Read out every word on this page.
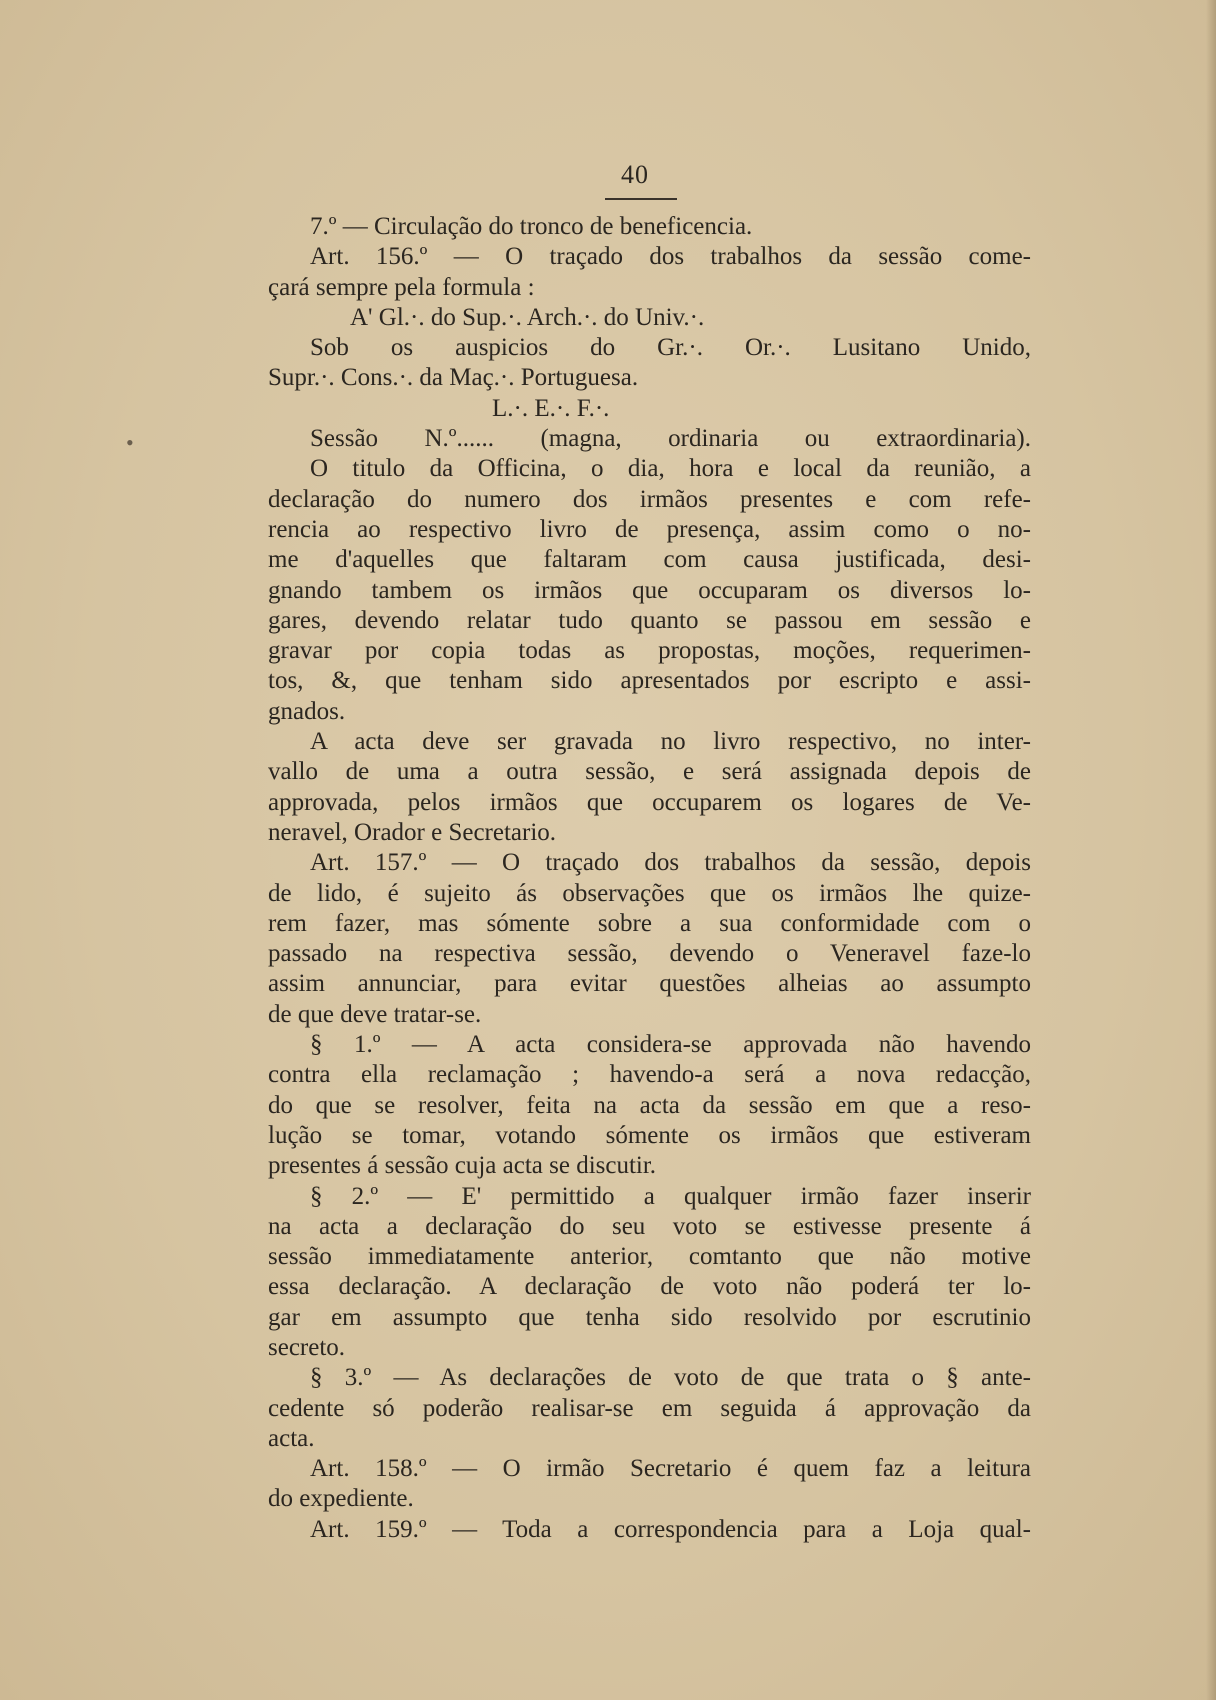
40
7.º — Circulação do tronco de beneficencia.
Art. 156.º — O traçado dos trabalhos da sessão come-
çará sempre pela formula :
A' Gl.·. do Sup.·. Arch.·. do Univ.·.
Sob os auspicios do Gr.·. Or.·. Lusitano Unido,
Supr.·. Cons.·. da Maç.·. Portuguesa.
L.·. E.·. F.·.
Sessão N.º...... (magna, ordinaria ou extraordinaria).
O titulo da Officina, o dia, hora e local da reunião, a
declaração do numero dos irmãos presentes e com refe-
rencia ao respectivo livro de presença, assim como o no-
me d'aquelles que faltaram com causa justificada, desi-
gnando tambem os irmãos que occuparam os diversos lo-
gares, devendo relatar tudo quanto se passou em sessão e
gravar por copia todas as propostas, moções, requerimen-
tos, &, que tenham sido apresentados por escripto e assi-
gnados.
A acta deve ser gravada no livro respectivo, no inter-
vallo de uma a outra sessão, e será assignada depois de
approvada, pelos irmãos que occuparem os logares de Ve-
neravel, Orador e Secretario.
Art. 157.º — O traçado dos trabalhos da sessão, depois
de lido, é sujeito ás observações que os irmãos lhe quize-
rem fazer, mas sómente sobre a sua conformidade com o
passado na respectiva sessão, devendo o Veneravel faze-lo
assim annunciar, para evitar questões alheias ao assumpto
de que deve tratar-se.
§ 1.º — A acta considera-se approvada não havendo
contra ella reclamação ; havendo-a será a nova redacção,
do que se resolver, feita na acta da sessão em que a reso-
lução se tomar, votando sómente os irmãos que estiveram
presentes á sessão cuja acta se discutir.
§ 2.º — E' permittido a qualquer irmão fazer inserir
na acta a declaração do seu voto se estivesse presente á
sessão immediatamente anterior, comtanto que não motive
essa declaração. A declaração de voto não poderá ter lo-
gar em assumpto que tenha sido resolvido por escrutinio
secreto.
§ 3.º — As declarações de voto de que trata o § ante-
cedente só poderão realisar-se em seguida á approvação da
acta.
Art. 158.º — O irmão Secretario é quem faz a leitura
do expediente.
Art. 159.º — Toda a correspondencia para a Loja qual-
•
